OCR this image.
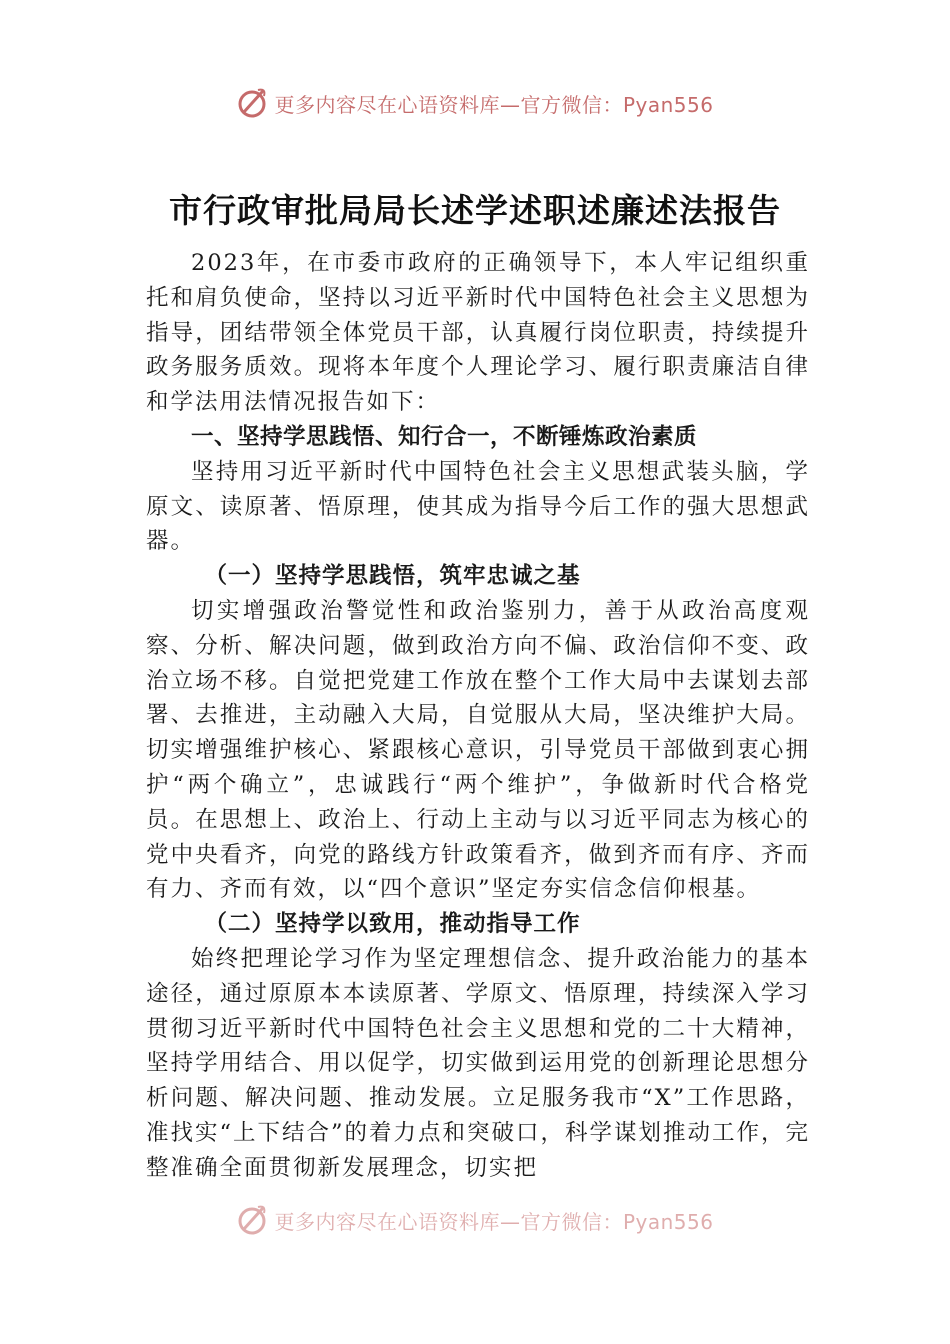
更多内容尽在心语资料库—官方微信：Pyan556
市行政审批局局长述学述职述廉述法报告

2023年，在市委市政府的正确领导下，本人牢记组织重托和肩负使命，坚持以习近平新时代中国特色社会主义思想为指导，团结带领全体党员干部，认真履行岗位职责，持续提升政务服务质效。现将本年度个人理论学习、履行职责廉洁自律和学法用法情况报告如下：

一、坚持学思践悟、知行合一，不断锤炼政治素质

坚持用习近平新时代中国特色社会主义思想武装头脑，学原文、读原著、悟原理，使其成为指导今后工作的强大思想武器。

（一）坚持学思践悟，筑牢忠诚之基

切实增强政治警觉性和政治鉴别力，善于从政治高度观察、分析、解决问题，做到政治方向不偏、政治信仰不变、政治立场不移。自觉把党建工作放在整个工作大局中去谋划去部署、去推进，主动融入大局，自觉服从大局，坚决维护大局。切实增强维护核心、紧跟核心意识，引导党员干部做到衷心拥护“两个确立”，忠诚践行“两个维护”，争做新时代合格党员。在思想上、政治上、行动上主动与以习近平同志为核心的党中央看齐，向党的路线方针政策看齐，做到齐而有序、齐而有力、齐而有效，以“四个意识”坚定夯实信念信仰根基。

（二）坚持学以致用，推动指导工作

始终把理论学习作为坚定理想信念、提升政治能力的基本途径，通过原原本本读原著、学原文、悟原理，持续深入学习贯彻习近平新时代中国特色社会主义思想和党的二十大精神，坚持学用结合、用以促学，切实做到运用党的创新理论思想分析问题、解决问题、推动发展。立足服务我市“X”工作思路，准找实“上下结合”的着力点和突破口，科学谋划推动工作，完整准确全面贯彻新发展理念，切实把

更多内容尽在心语资料库—官方微信：Pyan556
